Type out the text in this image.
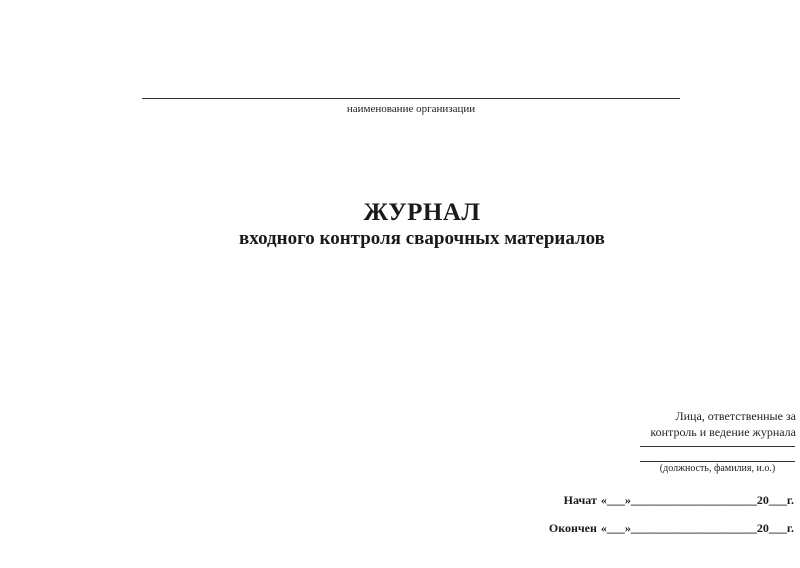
наименование организации
ЖУРНАЛ
входного контроля сварочных материалов
Лица, ответственные за
контроль и ведение журнала
(должность, фамилия, и.о.)
Начат «___»_____________________20___г.
Окончен «___»_____________________20___г.
